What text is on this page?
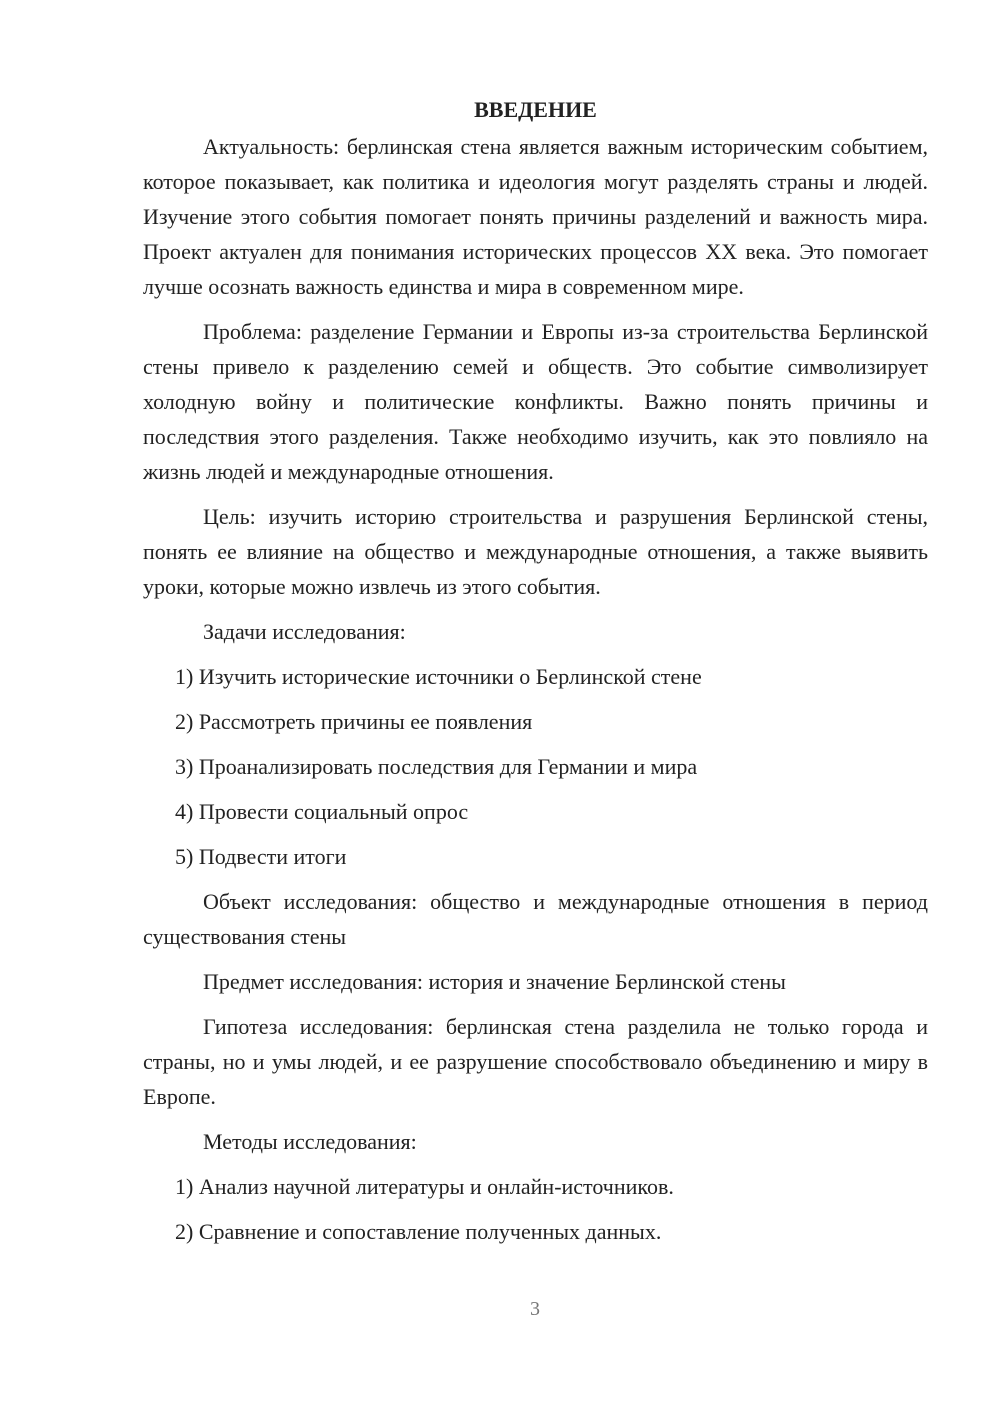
ВВЕДЕНИЕ

Актуальность: берлинская стена является важным историческим событием, которое показывает, как политика и идеология могут разделять страны и людей. Изучение этого события помогает понять причины разделений и важность мира. Проект актуален для понимания исторических процессов XX века. Это помогает лучше осознать важность единства и мира в современном мире.

Проблема: разделение Германии и Европы из-за строительства Берлинской стены привело к разделению семей и обществ. Это событие символизирует холодную войну и политические конфликты. Важно понять причины и последствия этого разделения. Также необходимо изучить, как это повлияло на жизнь людей и международные отношения.

Цель: изучить историю строительства и разрушения Берлинской стены, понять ее влияние на общество и международные отношения, а также выявить уроки, которые можно извлечь из этого события.

Задачи исследования:
1) Изучить исторические источники о Берлинской стене
2) Рассмотреть причины ее появления
3) Проанализировать последствия для Германии и мира
4) Провести социальный опрос
5) Подвести итоги

Объект исследования: общество и международные отношения в период существования стены

Предмет исследования: история и значение Берлинской стены

Гипотеза исследования: берлинская стена разделила не только города и страны, но и умы людей, и ее разрушение способствовало объединению и миру в Европе.

Методы исследования:
1) Анализ научной литературы и онлайн-источников.
2) Сравнение и сопоставление полученных данных.
3
